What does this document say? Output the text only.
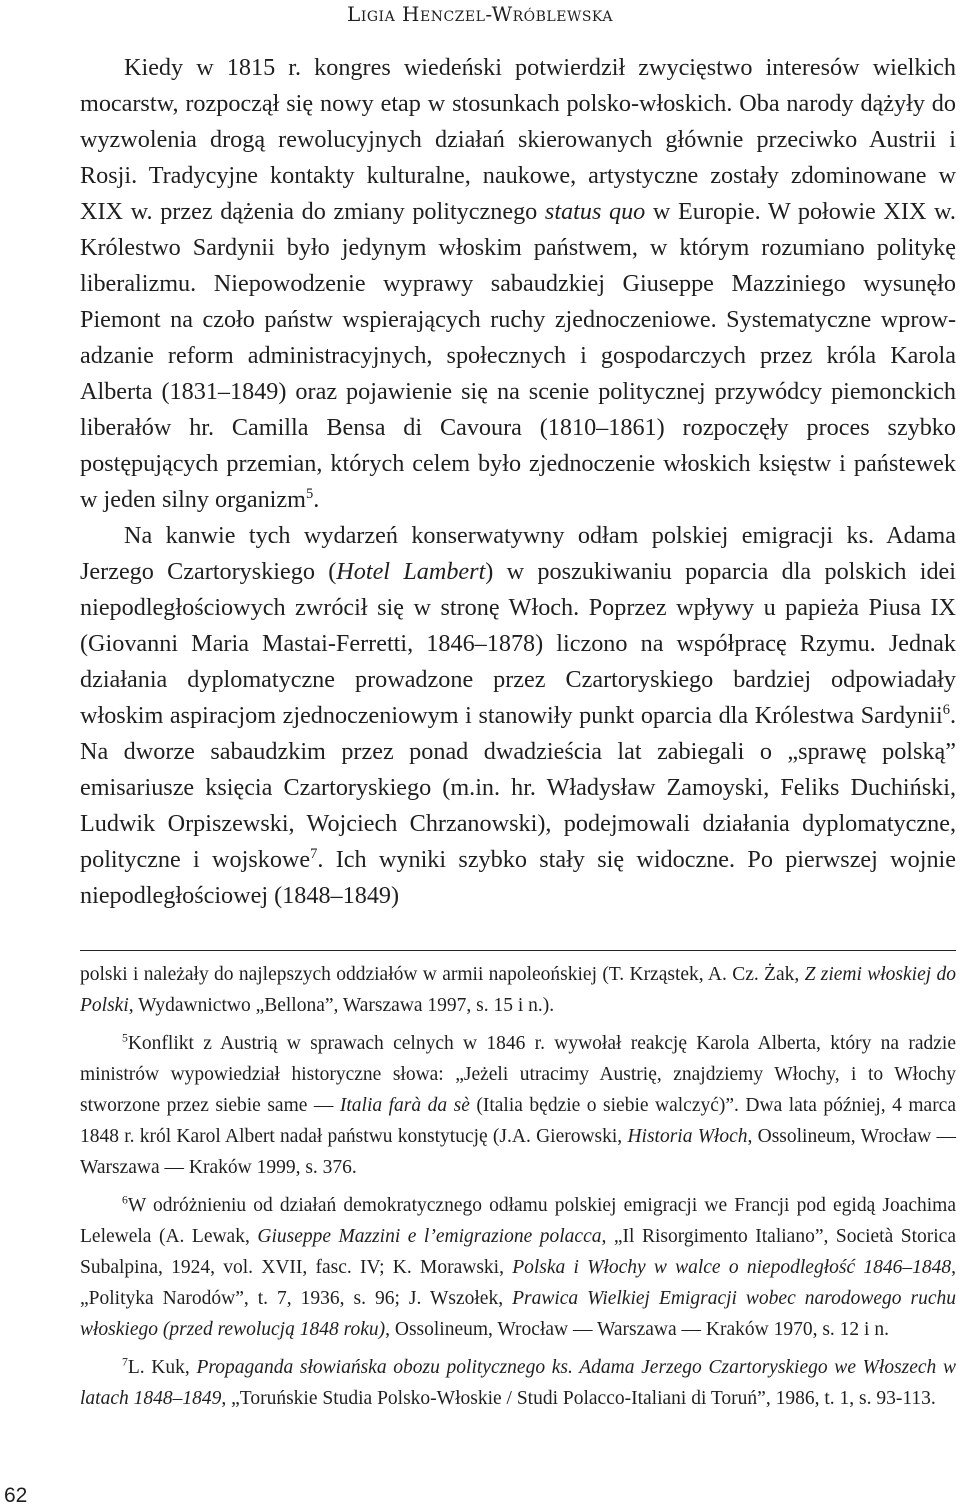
Ligia Henczel-Wróblewska

Kiedy w 1815 r. kongres wiedeński potwierdził zwycięstwo interesów wielkich mocarstw, rozpoczął się nowy etap w stosunkach polsko-włoskich. Oba narody dążyły do wyzwolenia drogą rewolucyjnych działań skierowanych głównie przeciwko Austrii i Rosji. Tradycyjne kontakty kulturalne, naukowe, artystyczne zostały zdominowane w XIX w. przez dążenia do zmiany politycznego status quo w Europie. W połowie XIX w. Królestwo Sardynii było jedynym włoskim państwem, w którym rozumiano politykę liberalizmu. Niepowodzenie wyprawy sabaudzkiej Giuseppe Mazziniego wysunęło Piemont na czoło państw wspierających ruchy zjednoczeniowe. Systematyczne wprowadzanie reform administracyjnych, społecznych i gospodarczych przez króla Karola Alberta (1831–1849) oraz pojawienie się na scenie politycznej przywódcy piemonckich liberałów hr. Camilla Bensa di Cavoura (1810–1861) rozpoczęły proces szybko postępujących przemian, których celem było zjednoczenie włoskich księstw i państewek w jeden silny organizm$^5$.

Na kanwie tych wydarzeń konserwatywny odłam polskiej emigracji ks. Adama Jerzego Czartoryskiego (Hotel Lambert) w poszukiwaniu poparcia dla polskich idei niepodległościowych zwrócił się w stronę Włoch. Poprzez wpływy u papieża Piusa IX (Giovanni Maria Mastai-Ferretti, 1846–1878) liczono na współpracę Rzymu. Jednak działania dyplomatyczne prowadzone przez Czartoryskiego bardziej odpowiadały włoskim aspiracjom zjednoczeniowym i stanowiły punkt oparcia dla Królestwa Sardynii$^6$. Na dworze sabaudzkim przez ponad dwadzieścia lat zabiegali o „sprawę polską” emisariusze księcia Czartoryskiego (m.in. hr. Władysław Zamoyski, Feliks Duchiński, Ludwik Orpiszewski, Wojciech Chrzanowski), podejmowali działania dyplomatyczne, polityczne i wojskowe$^7$. Ich wyniki szybko stały się widoczne. Po pierwszej wojnie niepodległościowej (1848–1849)

polski i należały do najlepszych oddziałów w armii napoleońskiej (T. Krząstek, A. Cz. Żak, Z ziemi włoskiej do Polski, Wydawnictwo „Bellona”, Warszawa 1997, s. 15 i n.).

$^5$Konflikt z Austrią w sprawach celnych w 1846 r. wywołał reakcję Karola Alberta, który na radzie ministrów wypowiedział historyczne słowa: „Jeżeli utracimy Austrię, znajdziemy Włochy, i to Włochy stworzone przez siebie same — Italia farà da sè (Italia będzie o siebie walczyć)”. Dwa lata później, 4 marca 1848 r. król Karol Albert nadał państwu konstytucję (J.A. Gierowski, Historia Włoch, Ossolineum, Wrocław — Warszawa — Kraków 1999, s. 376.

$^6$W odróżnieniu od działań demokratycznego odłamu polskiej emigracji we Francji pod egidą Joachima Lelewela (A. Lewak, Giuseppe Mazzini e l’emigrazione polacca, „Il Risorgimento Italiano”, Società Storica Subalpina, 1924, vol. XVII, fasc. IV; K. Morawski, Polska i Włochy w walce o niepodległość 1846–1848, „Polityka Narodów”, t. 7, 1936, s. 96; J. Wszołek, Prawica Wielkiej Emigracji wobec narodowego ruchu włoskiego (przed rewolucją 1848 roku), Ossolineum, Wrocław — Warszawa — Kraków 1970, s. 12 i n.

$^7$L. Kuk, Propaganda słowiańska obozu politycznego ks. Adama Jerzego Czartoryskiego we Włoszech w latach 1848–1849, „Toruńskie Studia Polsko-Włoskie / Studi Polacco-Italiani di Toruń”, 1986, t. 1, s. 93-113.

62
